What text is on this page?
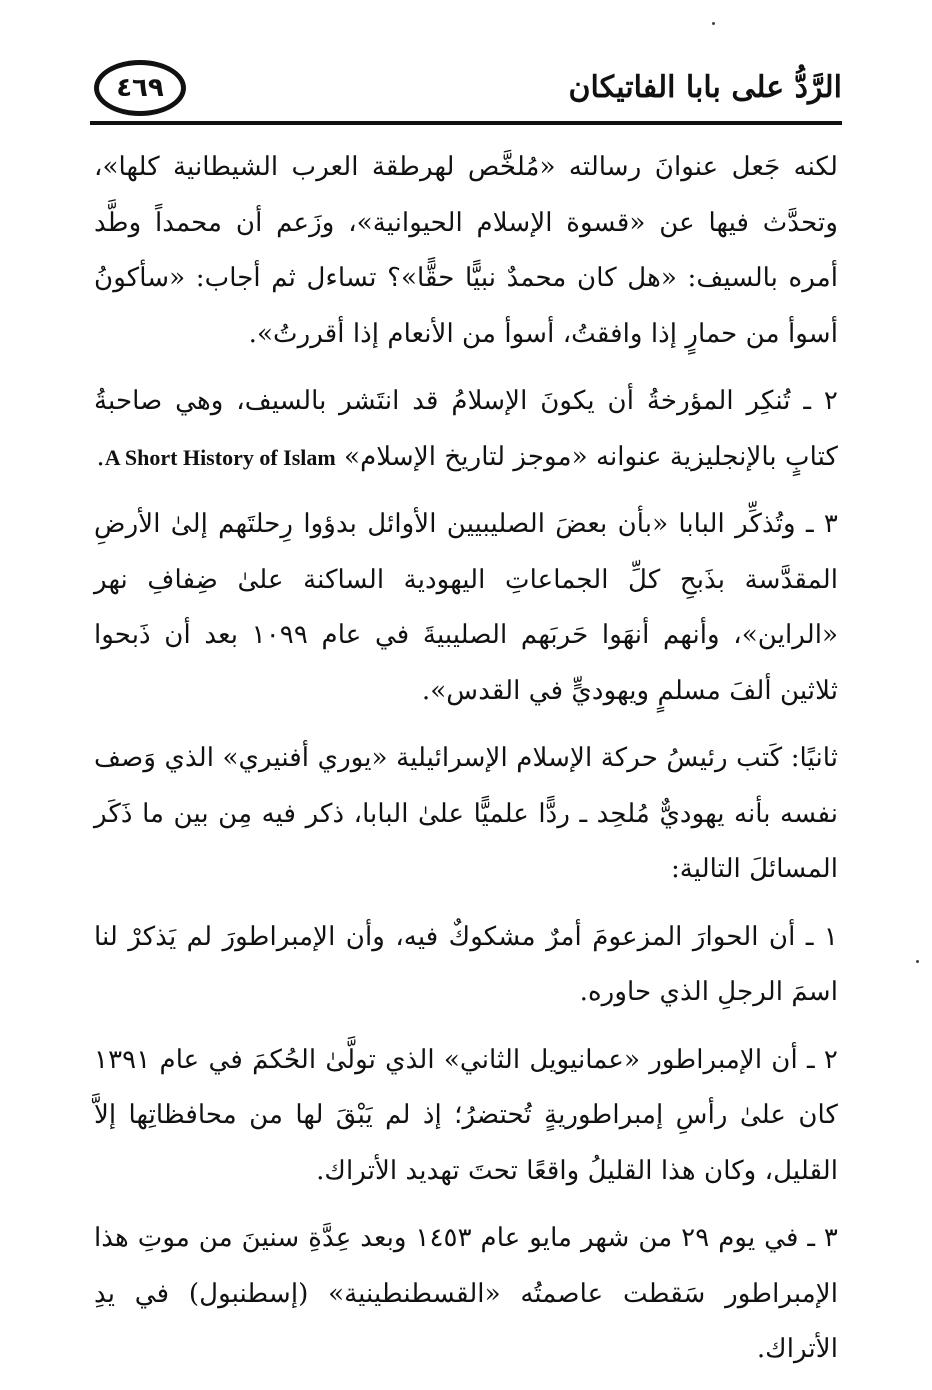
٤٦٩	الرَّدُّ على بابا الفاتيكان

لكنه جَعل عنوانَ رسالته «مُلخَّص لهرطقة العرب الشيطانية كلها»، وتحدَّث فيها عن «قسوة الإسلام الحيوانية»، وزَعم أن محمداً وطَّد أمره بالسيف: «هل كان محمدٌ نبيًّا حقًّا»؟ تساءل ثم أجاب: «سأكونُ أسوأ من حمارٍ إذا وافقتُ، أسوأ من الأنعام إذا أقررتُ».

٢ ـ تُنكِر المؤرخةُ أن يكونَ الإسلامُ قد انتَشر بالسيف، وهي صاحبةُ كتابٍ بالإنجليزية عنوانه «موجز لتاريخ الإسلام» A Short History of Islam.

٣ ـ وتُذكِّر البابا «بأن بعضَ الصليبيين الأوائل بدؤوا رِحلتَهم إلىٰ الأرضِ المقدَّسة بذَبحِ كلِّ الجماعاتِ اليهودية الساكنة علىٰ ضِفافِ نهر «الراين»، وأنهم أنهَوا حَربَهم الصليبيةَ في عام ١٠٩٩ بعد أن ذَبحوا ثلاثين ألفَ مسلمٍ ويهوديٍّ في القدس».

ثانيًا: كَتب رئيسُ حركة الإسلام الإسرائيلية «يوري أفنيري» الذي وَصف نفسه بأنه يهوديٌّ مُلحِد ـ ردًّا علميًّا علىٰ البابا، ذكر فيه مِن بين ما ذَكَر المسائلَ التالية:

١ ـ أن الحوارَ المزعومَ أمرٌ مشكوكٌ فيه، وأن الإمبراطورَ لم يَذكرْ لنا اسمَ الرجلِ الذي حاوره.

٢ ـ أن الإمبراطور «عمانيويل الثاني» الذي تولَّىٰ الحُكمَ في عام ١٣٩١ كان علىٰ رأسِ إمبراطوريةٍ تُحتضرُ؛ إذ لم يَبْقَ لها من محافظاتِها إلاَّ القليل، وكان هذا القليلُ واقعًا تحتَ تهديد الأتراك.

٣ ـ في يوم ٢٩ من شهر مايو عام ١٤٥٣ وبعد عِدَّةِ سنينَ من موتِ هذا الإمبراطور سَقطت عاصمتُه «القسطنطينية» (إسطنبول) في يدِ الأتراك.
